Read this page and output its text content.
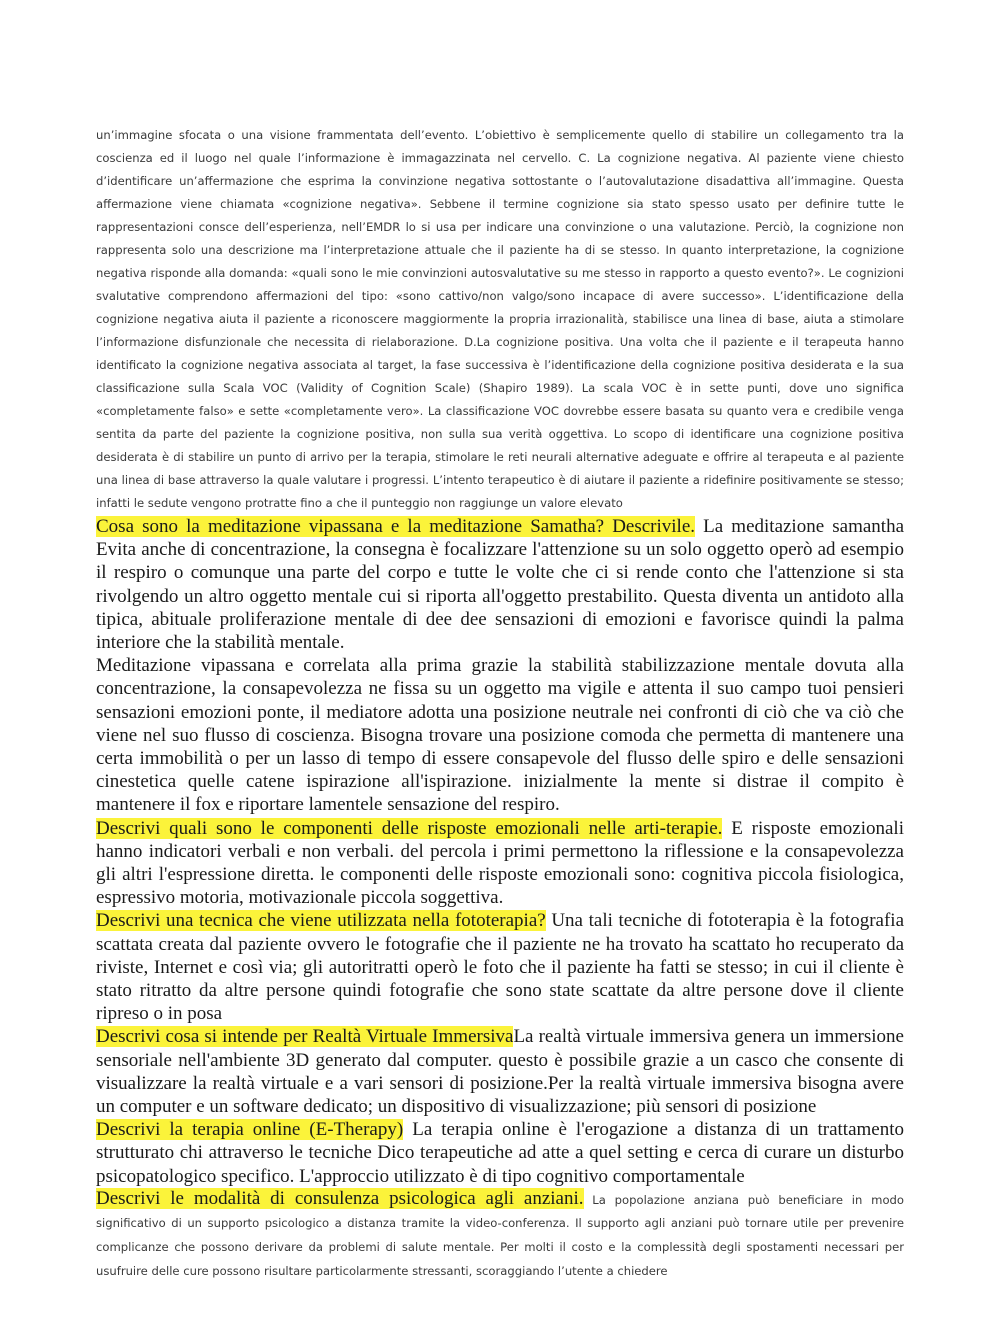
un’immagine sfocata o una visione frammentata dell’evento. L’obiettivo è semplicemente quello di stabilire un collegamento tra la coscienza ed il luogo nel quale l’informazione è immagazzinata nel cervello. C. La cognizione negativa. Al paziente viene chiesto d’identificare un’affermazione che esprima la convinzione negativa sottostante o l’autovalutazione disadattiva all’immagine. Questa affermazione viene chiamata «cognizione negativa». Sebbene il termine cognizione sia stato spesso usato per definire tutte le rappresentazioni consce dell’esperienza, nell’EMDR lo si usa per indicare una convinzione o una valutazione. Perciò, la cognizione non rappresenta solo una descrizione ma l’interpretazione attuale che il paziente ha di se stesso. In quanto interpretazione, la cognizione negativa risponde alla domanda: «quali sono le mie convinzioni autosvalutative su me stesso in rapporto a questo evento?». Le cognizioni svalutative comprendono affermazioni del tipo: «sono cattivo/non valgo/sono incapace di avere successo». L’identificazione della cognizione negativa aiuta il paziente a riconoscere maggiormente la propria irrazionalità, stabilisce una linea di base, aiuta a stimolare l’informazione disfunzionale che necessita di rielaborazione. D.La cognizione positiva. Una volta che il paziente e il terapeuta hanno identificato la cognizione negativa associata al target, la fase successiva è l’identificazione della cognizione positiva desiderata e la sua classificazione sulla Scala VOC (Validity of Cognition Scale) (Shapiro 1989). La scala VOC è in sette punti, dove uno significa «completamente falso» e sette «completamente vero». La classificazione VOC dovrebbe essere basata su quanto vera e credibile venga sentita da parte del paziente la cognizione positiva, non sulla sua verità oggettiva. Lo scopo di identificare una cognizione positiva desiderata è di stabilire un punto di arrivo per la terapia, stimolare le reti neurali alternative adeguate e offrire al terapeuta e al paziente una linea di base attraverso la quale valutare i progressi. L’intento terapeutico è di aiutare il paziente a ridefinire positivamente se stesso; infatti le sedute vengono protratte fino a che il punteggio non raggiunge un valore elevato

Cosa sono la meditazione vipassana e la meditazione Samatha? Descrivile. La meditazione samantha Evita anche di concentrazione, la consegna è focalizzare l'attenzione su un solo oggetto operò ad esempio il respiro o comunque una parte del corpo e tutte le volte che ci si rende conto che l'attenzione si sta rivolgendo un altro oggetto mentale cui si riporta all'oggetto prestabilito. Questa diventa un antidoto alla tipica, abituale proliferazione mentale di dee dee sensazioni di emozioni e favorisce quindi la palma interiore che la stabilità mentale.

Meditazione vipassana e correlata alla prima grazie la stabilità stabilizzazione mentale dovuta alla concentrazione, la consapevolezza ne fissa su un oggetto ma vigile e attenta il suo campo tuoi pensieri sensazioni emozioni ponte, il mediatore adotta una posizione neutrale nei confronti di ciò che va ciò che viene nel suo flusso di coscienza. Bisogna trovare una posizione comoda che permetta di mantenere una certa immobilità o per un lasso di tempo di essere consapevole del flusso delle spiro e delle sensazioni cinestetica quelle catene ispirazione all'ispirazione. inizialmente la mente si distrae il compito è mantenere il fox e riportare lamentele sensazione del respiro.

Descrivi quali sono le componenti delle risposte emozionali nelle arti-terapie. E risposte emozionali hanno indicatori verbali e non verbali. del percola i primi permettono la riflessione e la consapevolezza gli altri l'espressione diretta. le componenti delle risposte emozionali sono: cognitiva piccola fisiologica, espressivo motoria, motivazionale piccola soggettiva.

Descrivi una tecnica che viene utilizzata nella fototerapia? Una tali tecniche di fototerapia è la fotografia scattata creata dal paziente ovvero le fotografie che il paziente ne ha trovato ha scattato ho recuperato da riviste, Internet e così via; gli autoritratti operò le foto che il paziente ha fatti se stesso; in cui il cliente è stato ritratto da altre persone quindi fotografie che sono state scattate da altre persone dove il cliente ripreso o in posa

Descrivi cosa si intende per Realtà Virtuale ImmersivaLa realtà virtuale immersiva genera un immersione sensoriale nell'ambiente 3D generato dal computer. questo è possibile grazie a un casco che consente di visualizzare la realtà virtuale e a vari sensori di posizione.Per la realtà virtuale immersiva bisogna avere un computer e un software dedicato; un dispositivo di visualizzazione; più sensori di posizione

Descrivi la terapia online (E-Therapy) La terapia online è l'erogazione a distanza di un trattamento strutturato chi attraverso le tecniche Dico terapeutiche ad atte a quel setting e cerca di curare un disturbo psicopatologico specifico. L'approccio utilizzato è di tipo cognitivo comportamentale

Descrivi le modalità di consulenza psicologica agli anziani. La popolazione anziana può beneficiare in modo significativo di un supporto psicologico a distanza tramite la video-conferenza. Il supporto agli anziani può tornare utile per prevenire complicanze che possono derivare da problemi di salute mentale. Per molti il costo e la complessità degli spostamenti necessari per usufruire delle cure possono risultare particolarmente stressanti, scoraggiando l’utente a chiedere
